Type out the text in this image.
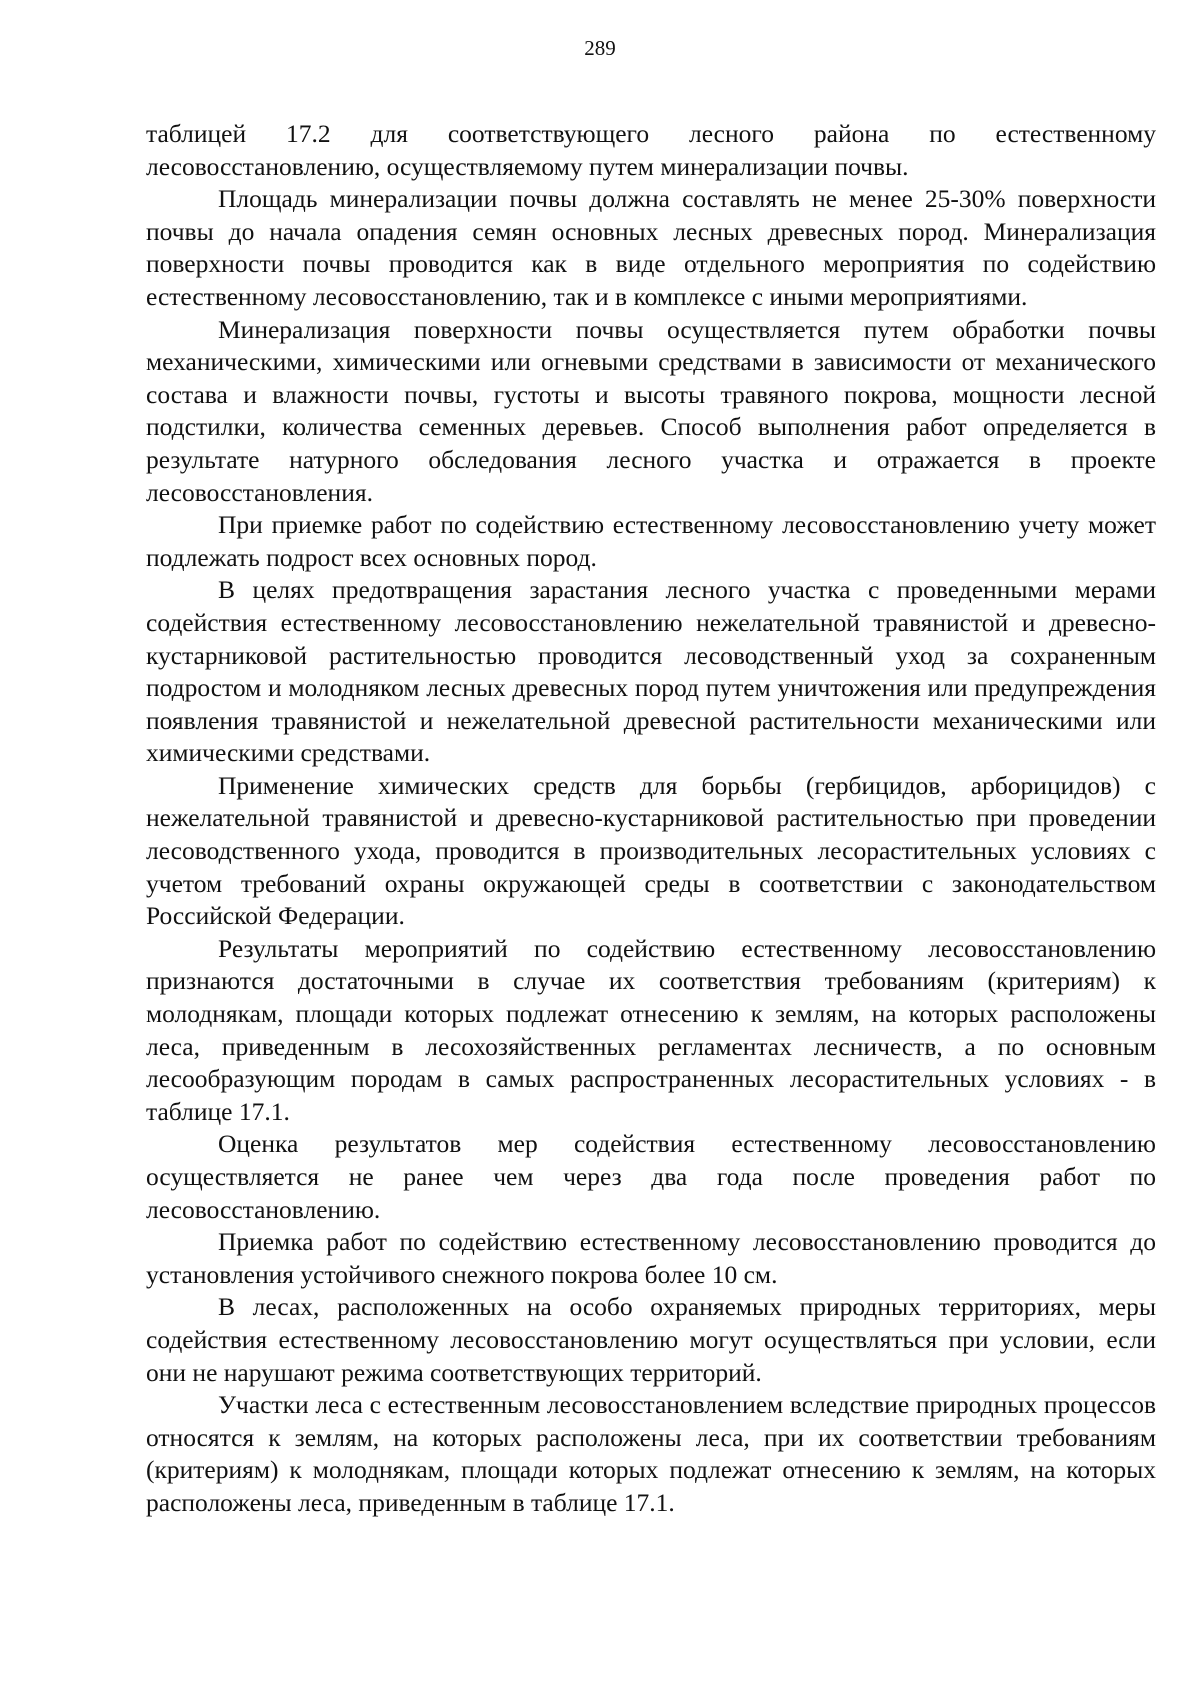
289

таблицей 17.2 для соответствующего лесного района по естественному лесовосстановлению, осуществляемому путем минерализации почвы.

Площадь минерализации почвы должна составлять не менее 25-30% поверхности почвы до начала опадения семян основных лесных древесных пород. Минерализация поверхности почвы проводится как в виде отдельного мероприятия по содействию естественному лесовосстановлению, так и в комплексе с иными мероприятиями.

Минерализация поверхности почвы осуществляется путем обработки почвы механическими, химическими или огневыми средствами в зависимости от механического состава и влажности почвы, густоты и высоты травяного покрова, мощности лесной подстилки, количества семенных деревьев. Способ выполнения работ определяется в результате натурного обследования лесного участка и отражается в проекте лесовосстановления.

При приемке работ по содействию естественному лесовосстановлению учету может подлежать подрост всех основных пород.

В целях предотвращения зарастания лесного участка с проведенными мерами содействия естественному лесовосстановлению нежелательной травянистой и древесно-кустарниковой растительностью проводится лесоводственный уход за сохраненным подростом и молодняком лесных древесных пород путем уничтожения или предупреждения появления травянистой и нежелательной древесной растительности механическими или химическими средствами.

Применение химических средств для борьбы (гербицидов, арборицидов) с нежелательной травянистой и древесно-кустарниковой растительностью при проведении лесоводственного ухода, проводится в производительных лесорастительных условиях с учетом требований охраны окружающей среды в соответствии с законодательством Российской Федерации.

Результаты мероприятий по содействию естественному лесовосстановлению признаются достаточными в случае их соответствия требованиям (критериям) к молоднякам, площади которых подлежат отнесению к землям, на которых расположены леса, приведенным в лесохозяйственных регламентах лесничеств, а по основным лесообразующим породам в самых распространенных лесорастительных условиях - в таблице 17.1.

Оценка результатов мер содействия естественному лесовосстановлению осуществляется не ранее чем через два года после проведения работ по лесовосстановлению.

Приемка работ по содействию естественному лесовосстановлению проводится до установления устойчивого снежного покрова более 10 см.

В лесах, расположенных на особо охраняемых природных территориях, меры содействия естественному лесовосстановлению могут осуществляться при условии, если они не нарушают режима соответствующих территорий.

Участки леса с естественным лесовосстановлением вследствие природных процессов относятся к землям, на которых расположены леса, при их соответствии требованиям (критериям) к молоднякам, площади которых подлежат отнесению к землям, на которых расположены леса, приведенным в таблице 17.1.
